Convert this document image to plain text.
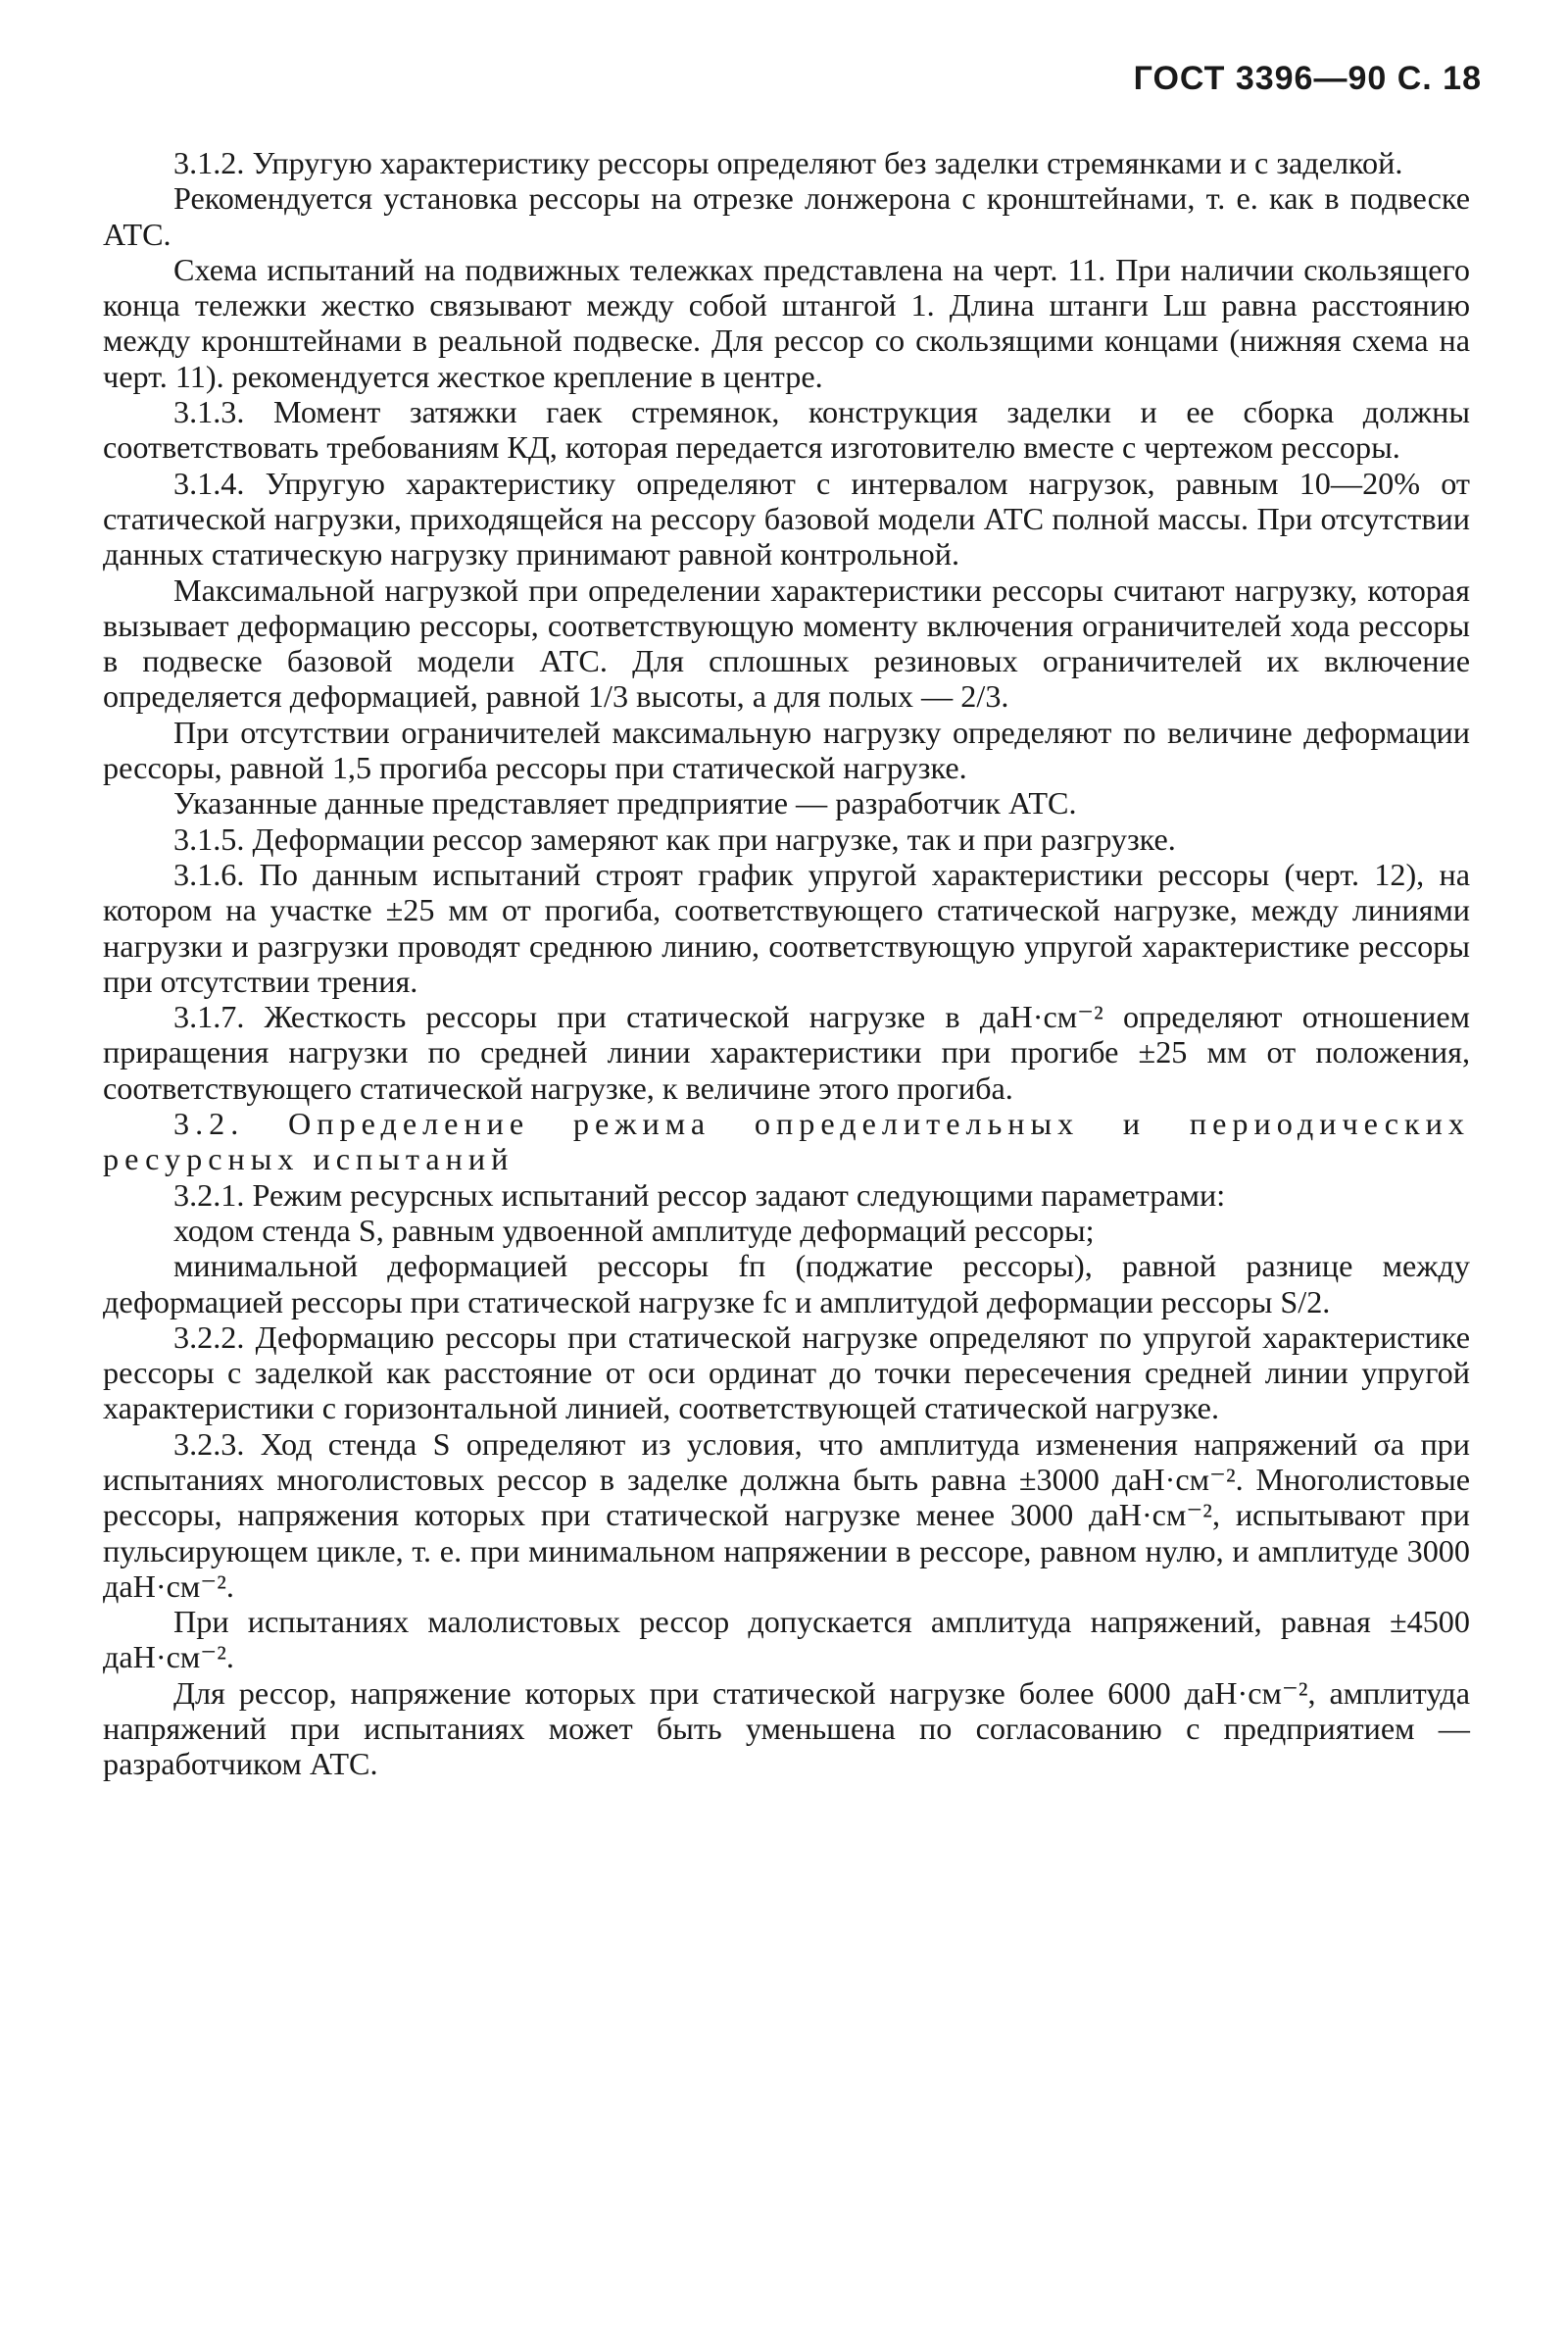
ГОСТ 3396—90 С. 18

3.1.2. Упругую характеристику рессоры определяют без заделки стремянками и с заделкой.

Рекомендуется установка рессоры на отрезке лонжерона с кронштейнами, т. е. как в подвеске АТС.

Схема испытаний на подвижных тележках представлена на черт. 11. При наличии скользящего конца тележки жестко связывают между собой штангой 1. Длина штанги Lш равна расстоянию между кронштейнами в реальной подвеске. Для рессор со скользящими концами (нижняя схема на черт. 11). рекомендуется жесткое крепление в центре.

3.1.3. Момент затяжки гаек стремянок, конструкция заделки и ее сборка должны соответствовать требованиям КД, которая передается изготовителю вместе с чертежом рессоры.

3.1.4. Упругую характеристику определяют с интервалом нагрузок, равным 10—20% от статической нагрузки, приходящейся на рессору базовой модели АТС полной массы. При отсутствии данных статическую нагрузку принимают равной контрольной.

Максимальной нагрузкой при определении характеристики рессоры считают нагрузку, которая вызывает деформацию рессоры, соответствующую моменту включения ограничителей хода рессоры в подвеске базовой модели АТС. Для сплошных резиновых ограничителей их включение определяется деформацией, равной 1/3 высоты, а для полых — 2/3.

При отсутствии ограничителей максимальную нагрузку определяют по величине деформации рессоры, равной 1,5 прогиба рессоры при статической нагрузке.

Указанные данные представляет предприятие — разработчик АТС.

3.1.5. Деформации рессор замеряют как при нагрузке, так и при разгрузке.

3.1.6. По данным испытаний строят график упругой характеристики рессоры (черт. 12), на котором на участке ±25 мм от прогиба, соответствующего статической нагрузке, между линиями нагрузки и разгрузки проводят среднюю линию, соответствующую упругой характеристике рессоры при отсутствии трения.

3.1.7. Жесткость рессоры при статической нагрузке в даН·см⁻² определяют отношением приращения нагрузки по средней линии характеристики при прогибе ±25 мм от положения, соответствующего статической нагрузке, к величине этого прогиба.

3.2. Определение режима определительных и периодических ресурсных испытаний

3.2.1. Режим ресурсных испытаний рессор задают следующими параметрами:

ходом стенда S, равным удвоенной амплитуде деформаций рессоры;

минимальной деформацией рессоры fп (поджатие рессоры), равной разнице между деформацией рессоры при статической нагрузке fс и амплитудой деформации рессоры S/2.

3.2.2. Деформацию рессоры при статической нагрузке определяют по упругой характеристике рессоры с заделкой как расстояние от оси ординат до точки пересечения средней линии упругой характеристики с горизонтальной линией, соответствующей статической нагрузке.

3.2.3. Ход стенда S определяют из условия, что амплитуда изменения напряжений σа при испытаниях многолистовых рессор в заделке должна быть равна ±3000 даН·см⁻². Многолистовые рессоры, напряжения которых при статической нагрузке менее 3000 даН·см⁻², испытывают при пульсирующем цикле, т. е. при минимальном напряжении в рессоре, равном нулю, и амплитуде 3000 даН·см⁻².

При испытаниях малолистовых рессор допускается амплитуда напряжений, равная ±4500 даН·см⁻².

Для рессор, напряжение которых при статической нагрузке более 6000 даН·см⁻², амплитуда напряжений при испытаниях может быть уменьшена по согласованию с предприятием — разработчиком АТС.
